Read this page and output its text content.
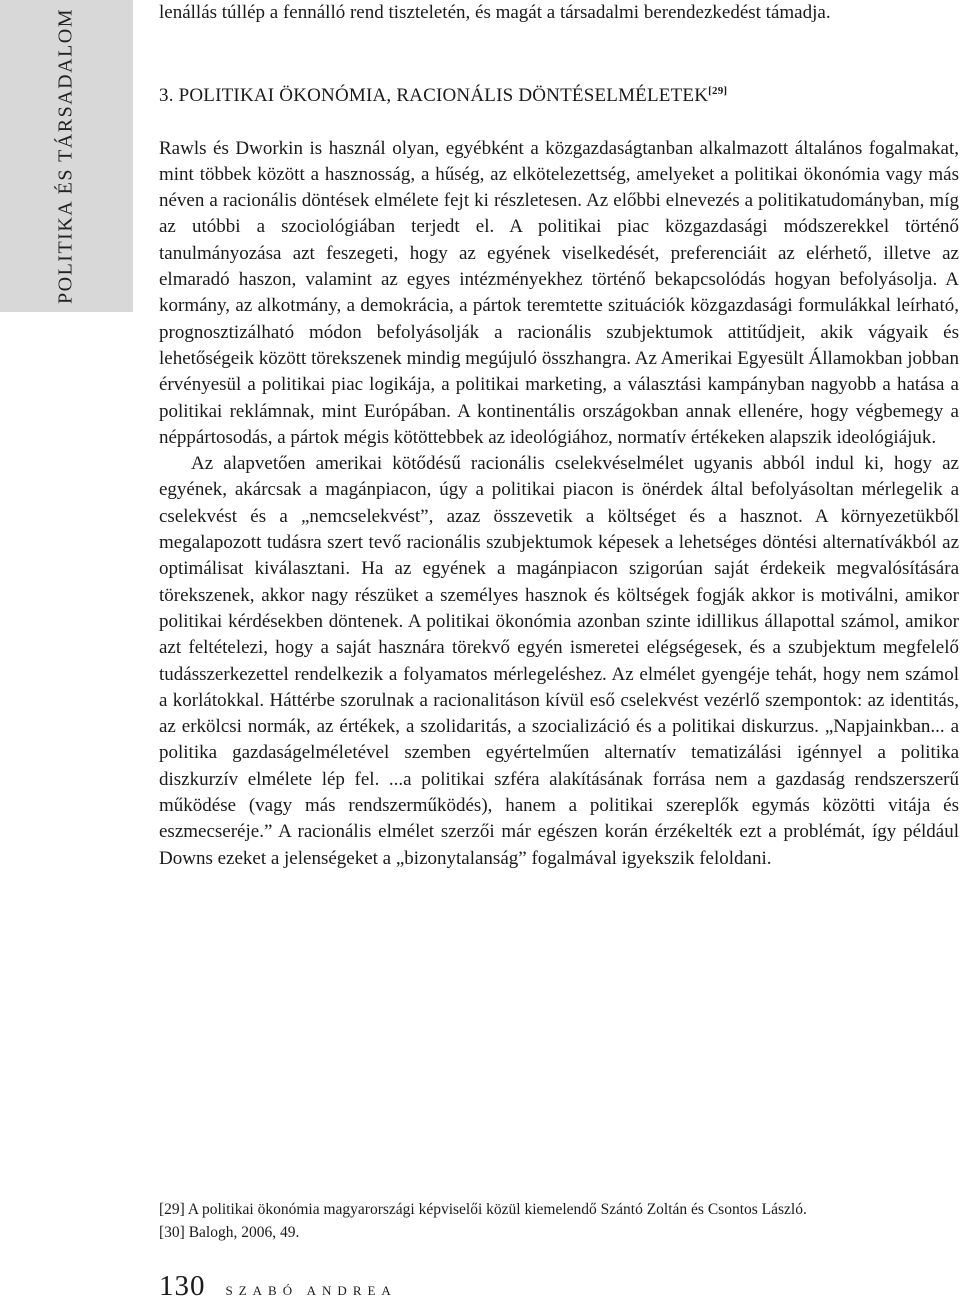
POLITIKA ÉS TÁRSADALOM	lenállás túllép a fennálló rend tiszteletén, és magát a társadalmi berendezkedést támadja.

3. POLITIKAI ÖKONÓMIA, RACIONÁLIS DÖNTÉSELMÉLETEK[29]

Rawls és Dworkin is használ olyan, egyébként a közgazdaságtanban alkalmazott általános fogalmakat, mint többek között a hasznosság, a hűség, az elkötelezettség, amelyeket a politikai ökonómia vagy más néven a racionális döntések elmélete fejt ki részletesen. Az előbbi elnevezés a politikatudományban, míg az utóbbi a szociológiában terjedt el. A politikai piac közgazdasági módszerekkel történő tanulmányozása azt feszegeti, hogy az egyének viselkedését, preferenciáit az elérhető, illetve az elmaradó haszon, valamint az egyes intézményekhez történő bekapcsolódás hogyan befolyásolja. A kormány, az alkotmány, a demokrácia, a pártok teremtette szituációk közgazdasági formulákkal leírható, prognosztizálható módon befolyásolják a racionális szubjektumok attitűdjeit, akik vágyaik és lehetőségeik között törekszenek mindig megújuló összhangra. Az Amerikai Egyesült Államokban jobban érvényesül a politikai piac logikája, a politikai marketing, a választási kampányban nagyobb a hatása a politikai reklámnak, mint Európában. A kontinentális országokban annak ellenére, hogy végbemegy a néppártosodás, a pártok mégis kötöttebbek az ideológiához, normatív értékeken alapszik ideológiájuk.

Az alapvetően amerikai kötődésű racionális cselekvéselmélet ugyanis abból indul ki, hogy az egyének, akárcsak a magánpiacon, úgy a politikai piacon is önérdek által befolyásoltan mérlegelik a cselekvést és a „nemcselekvést”, azaz összevetik a költséget és a hasznot. A környezetükből megalapozott tudásra szert tevő racionális szubjektumok képesek a lehetséges döntési alternatívákból az optimálisat kiválasztani. Ha az egyének a magánpiacon szigorúan saját érdekeik megvalósítására törekszenek, akkor nagy részüket a személyes hasznok és költségek fogják akkor is motiválni, amikor politikai kérdésekben döntenek. A politikai ökonómia azonban szinte idillikus állapottal számol, amikor azt feltételezi, hogy a saját hasznára törekvő egyén ismeretei elégségesek, és a szubjektum megfelelő tudásszerkezettel rendelkezik a folyamatos mérlegeléshez. Az elmélet gyengéje tehát, hogy nem számol a korlátokkal. Háttérbe szorulnak a racionalitáson kívül eső cselekvést vezérlő szempontok: az identitás, az erkölcsi normák, az értékek, a szolidaritás, a szocializáció és a politikai diskurzus. „Napjainkban... a politika gazdaságelméletével szemben egyértelműen alternatív tematizálási igénnyel a politika diszkurzív elmélete lép fel. ...a politikai szféra alakításának forrása nem a gazdaság rendszerszerű működése (vagy más rendszerműködés), hanem a politikai szereplők egymás közötti vitája és eszmecseréje.” A racionális elmélet szerzői már egészen korán érzékelték ezt a problémát, így például Downs ezeket a jelenségeket a „bizonytalanság” fogalmával igyekszik feloldani.

[29] A politikai ökonómia magyarországi képviselői közül kiemelendő Szántó Zoltán és Csontos László.
[30] Balogh, 2006, 49.
130 SZABÓ ANDREA
